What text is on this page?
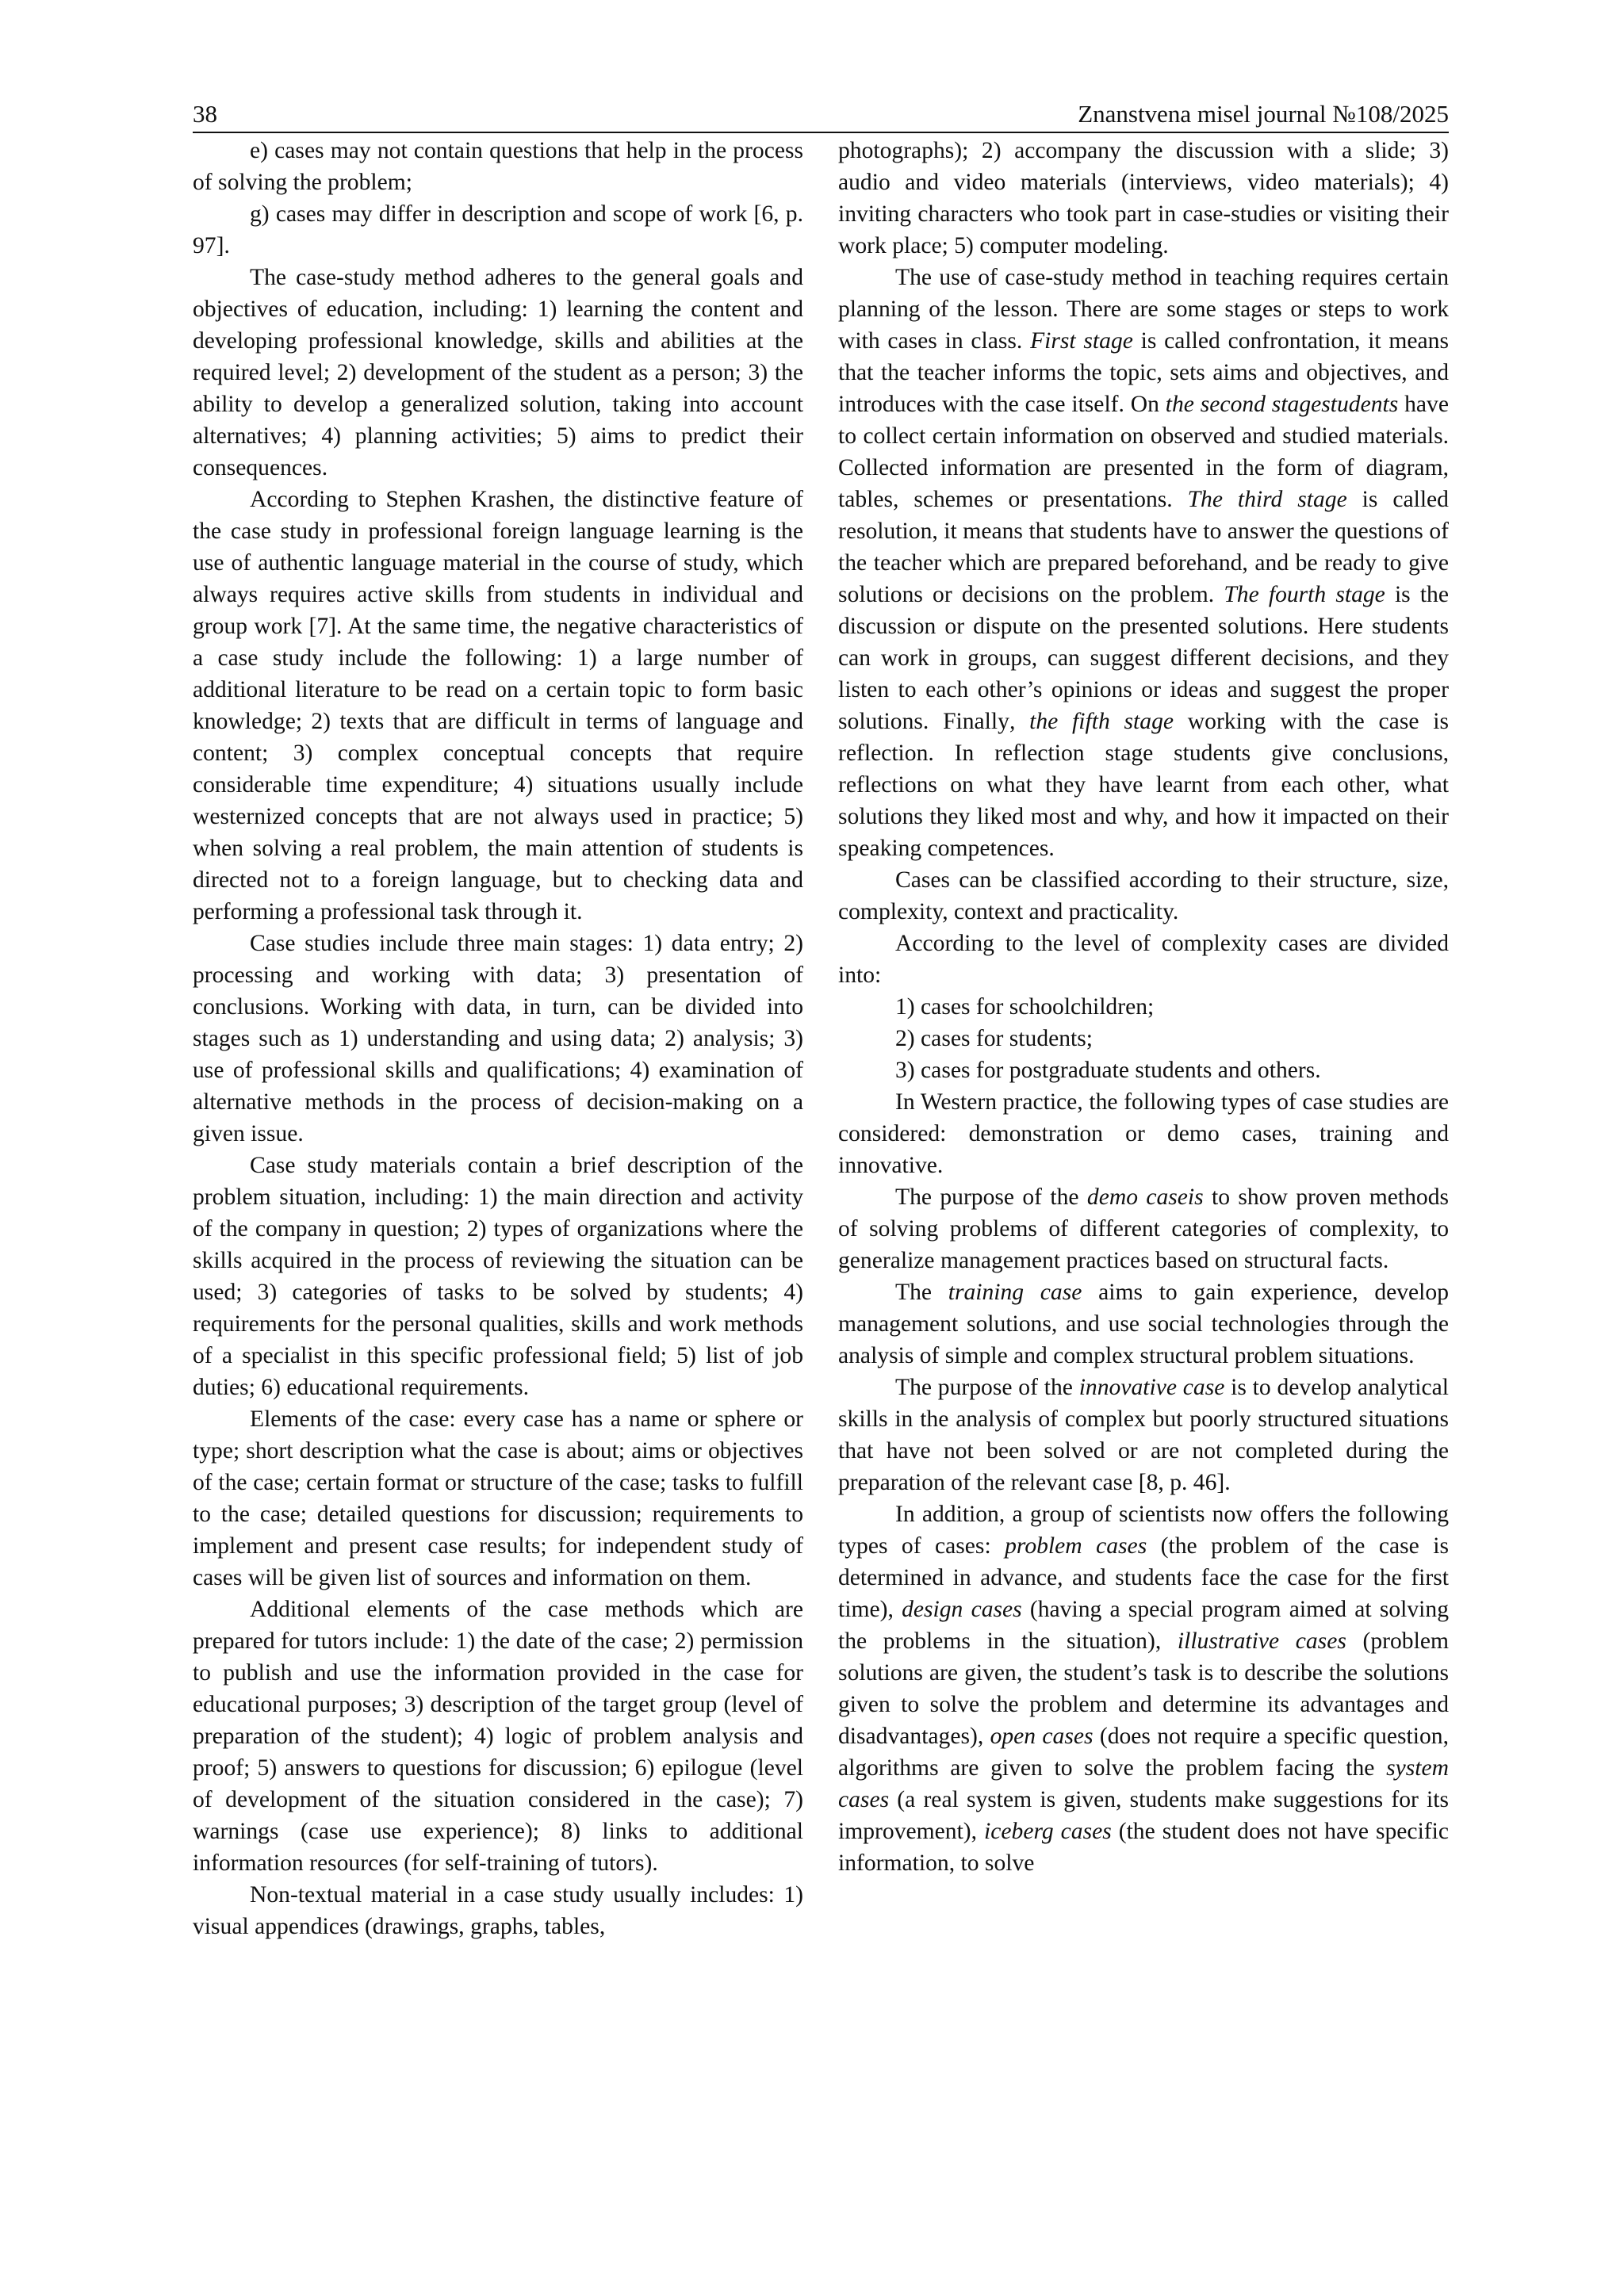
38	Znanstvena misel journal №108/2025

e) cases may not contain questions that help in the process of solving the problem;

g) cases may differ in description and scope of work [6, p. 97].

The case-study method adheres to the general goals and objectives of education, including: 1) learning the content and developing professional knowledge, skills and abilities at the required level; 2) development of the student as a person; 3) the ability to develop a generalized solution, taking into account alternatives; 4) planning activities; 5) aims to predict their consequences.

According to Stephen Krashen, the distinctive feature of the case study in professional foreign language learning is the use of authentic language material in the course of study, which always requires active skills from students in individual and group work [7]. At the same time, the negative characteristics of a case study include the following: 1) a large number of additional literature to be read on a certain topic to form basic knowledge; 2) texts that are difficult in terms of language and content; 3) complex conceptual concepts that require considerable time expenditure; 4) situations usually include westernized concepts that are not always used in practice; 5) when solving a real problem, the main attention of students is directed not to a foreign language, but to checking data and performing a professional task through it.

Case studies include three main stages: 1) data entry; 2) processing and working with data; 3) presentation of conclusions. Working with data, in turn, can be divided into stages such as 1) understanding and using data; 2) analysis; 3) use of professional skills and qualifications; 4) examination of alternative methods in the process of decision-making on a given issue.

Case study materials contain a brief description of the problem situation, including: 1) the main direction and activity of the company in question; 2) types of organizations where the skills acquired in the process of reviewing the situation can be used; 3) categories of tasks to be solved by students; 4) requirements for the personal qualities, skills and work methods of a specialist in this specific professional field; 5) list of job duties; 6) educational requirements.

Elements of the case: every case has a name or sphere or type; short description what the case is about; aims or objectives of the case; certain format or structure of the case; tasks to fulfill to the case; detailed questions for discussion; requirements to implement and present case results; for independent study of cases will be given list of sources and information on them.

Additional elements of the case methods which are prepared for tutors include: 1) the date of the case; 2) permission to publish and use the information provided in the case for educational purposes; 3) description of the target group (level of preparation of the student); 4) logic of problem analysis and proof; 5) answers to questions for discussion; 6) epilogue (level of development of the situation considered in the case); 7) warnings (case use experience); 8) links to additional information resources (for self-training of tutors).

Non-textual material in a case study usually includes: 1) visual appendices (drawings, graphs, tables,

photographs); 2) accompany the discussion with a slide; 3) audio and video materials (interviews, video materials); 4) inviting characters who took part in case-studies or visiting their work place; 5) computer modeling.

The use of case-study method in teaching requires certain planning of the lesson. There are some stages or steps to work with cases in class. First stage is called confrontation, it means that the teacher informs the topic, sets aims and objectives, and introduces with the case itself. On the second stagestudents have to collect certain information on observed and studied materials. Collected information are presented in the form of diagram, tables, schemes or presentations. The third stage is called resolution, it means that students have to answer the questions of the teacher which are prepared beforehand, and be ready to give solutions or decisions on the problem. The fourth stage is the discussion or dispute on the presented solutions. Here students can work in groups, can suggest different decisions, and they listen to each other’s opinions or ideas and suggest the proper solutions. Finally, the fifth stage working with the case is reflection. In reflection stage students give conclusions, reflections on what they have learnt from each other, what solutions they liked most and why, and how it impacted on their speaking competences.

Cases can be classified according to their structure, size, complexity, context and practicality.

According to the level of complexity cases are divided into:

1) cases for schoolchildren;

2) cases for students;

3) cases for postgraduate students and others.

In Western practice, the following types of case studies are considered: demonstration or demo cases, training and innovative.

The purpose of the demo caseis to show proven methods of solving problems of different categories of complexity, to generalize management practices based on structural facts.

The training case aims to gain experience, develop management solutions, and use social technologies through the analysis of simple and complex structural problem situations.

The purpose of the innovative case is to develop analytical skills in the analysis of complex but poorly structured situations that have not been solved or are not completed during the preparation of the relevant case [8, p. 46].

In addition, a group of scientists now offers the following types of cases: problem cases (the problem of the case is determined in advance, and students face the case for the first time), design cases (having a special program aimed at solving the problems in the situation), illustrative cases (problem solutions are given, the student’s task is to describe the solutions given to solve the problem and determine its advantages and disadvantages), open cases (does not require a specific question, algorithms are given to solve the problem facing the system cases (a real system is given, students make suggestions for its improvement), iceberg cases (the student does not have specific information, to solve
